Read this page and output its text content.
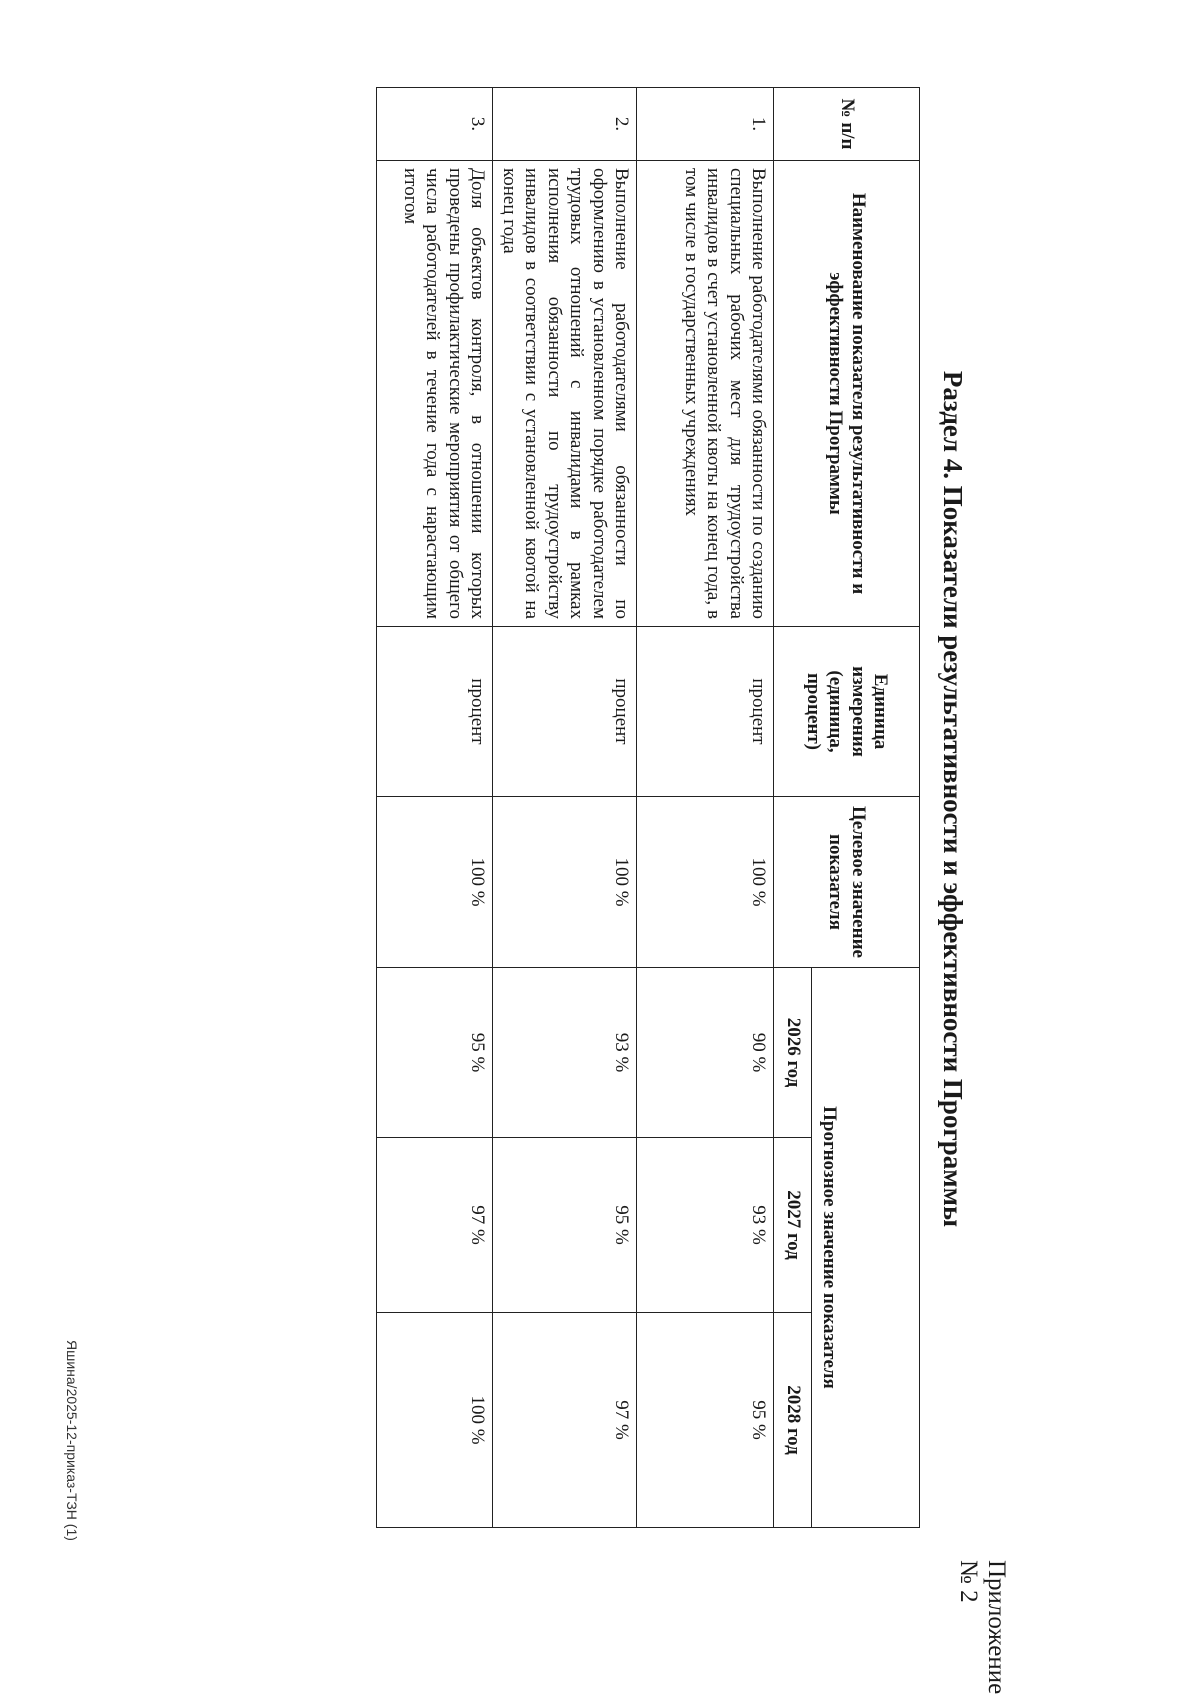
Приложение № 2
Раздел 4. Показатели результативности и эффективности Программы
№ п/п	Наименование показателя результативности и эффективности Программы	Единица измерения (единица, процент)	Целевое значение показателя	Прогнозное значение показателя		
				2026 год	2027 год	2028 год
1.	Выполнение работодателями обязанности по созданию специальных рабочих мест для трудоустройства инвалидов в счет установленной квоты на конец года, в том числе в государственных учреждениях	процент	100 %	90 %	93 %	95 %
2.	Выполнение работодателями обязанности по оформлению в установленном порядке работодателем трудовых отношений с инвалидами в рамках исполнения обязанности по трудоустройству инвалидов в соответствии с установленной квотой на конец года	процент	100 %	93 %	95 %	97 %
3.	Доля объектов контроля, в отношении которых проведены профилактические мероприятия от общего числа работодателей в течение года с нарастающим итогом	процент	100 %	95 %	97 %	100 %
Яшина/2025-12-приказ-ТЗН (1)
